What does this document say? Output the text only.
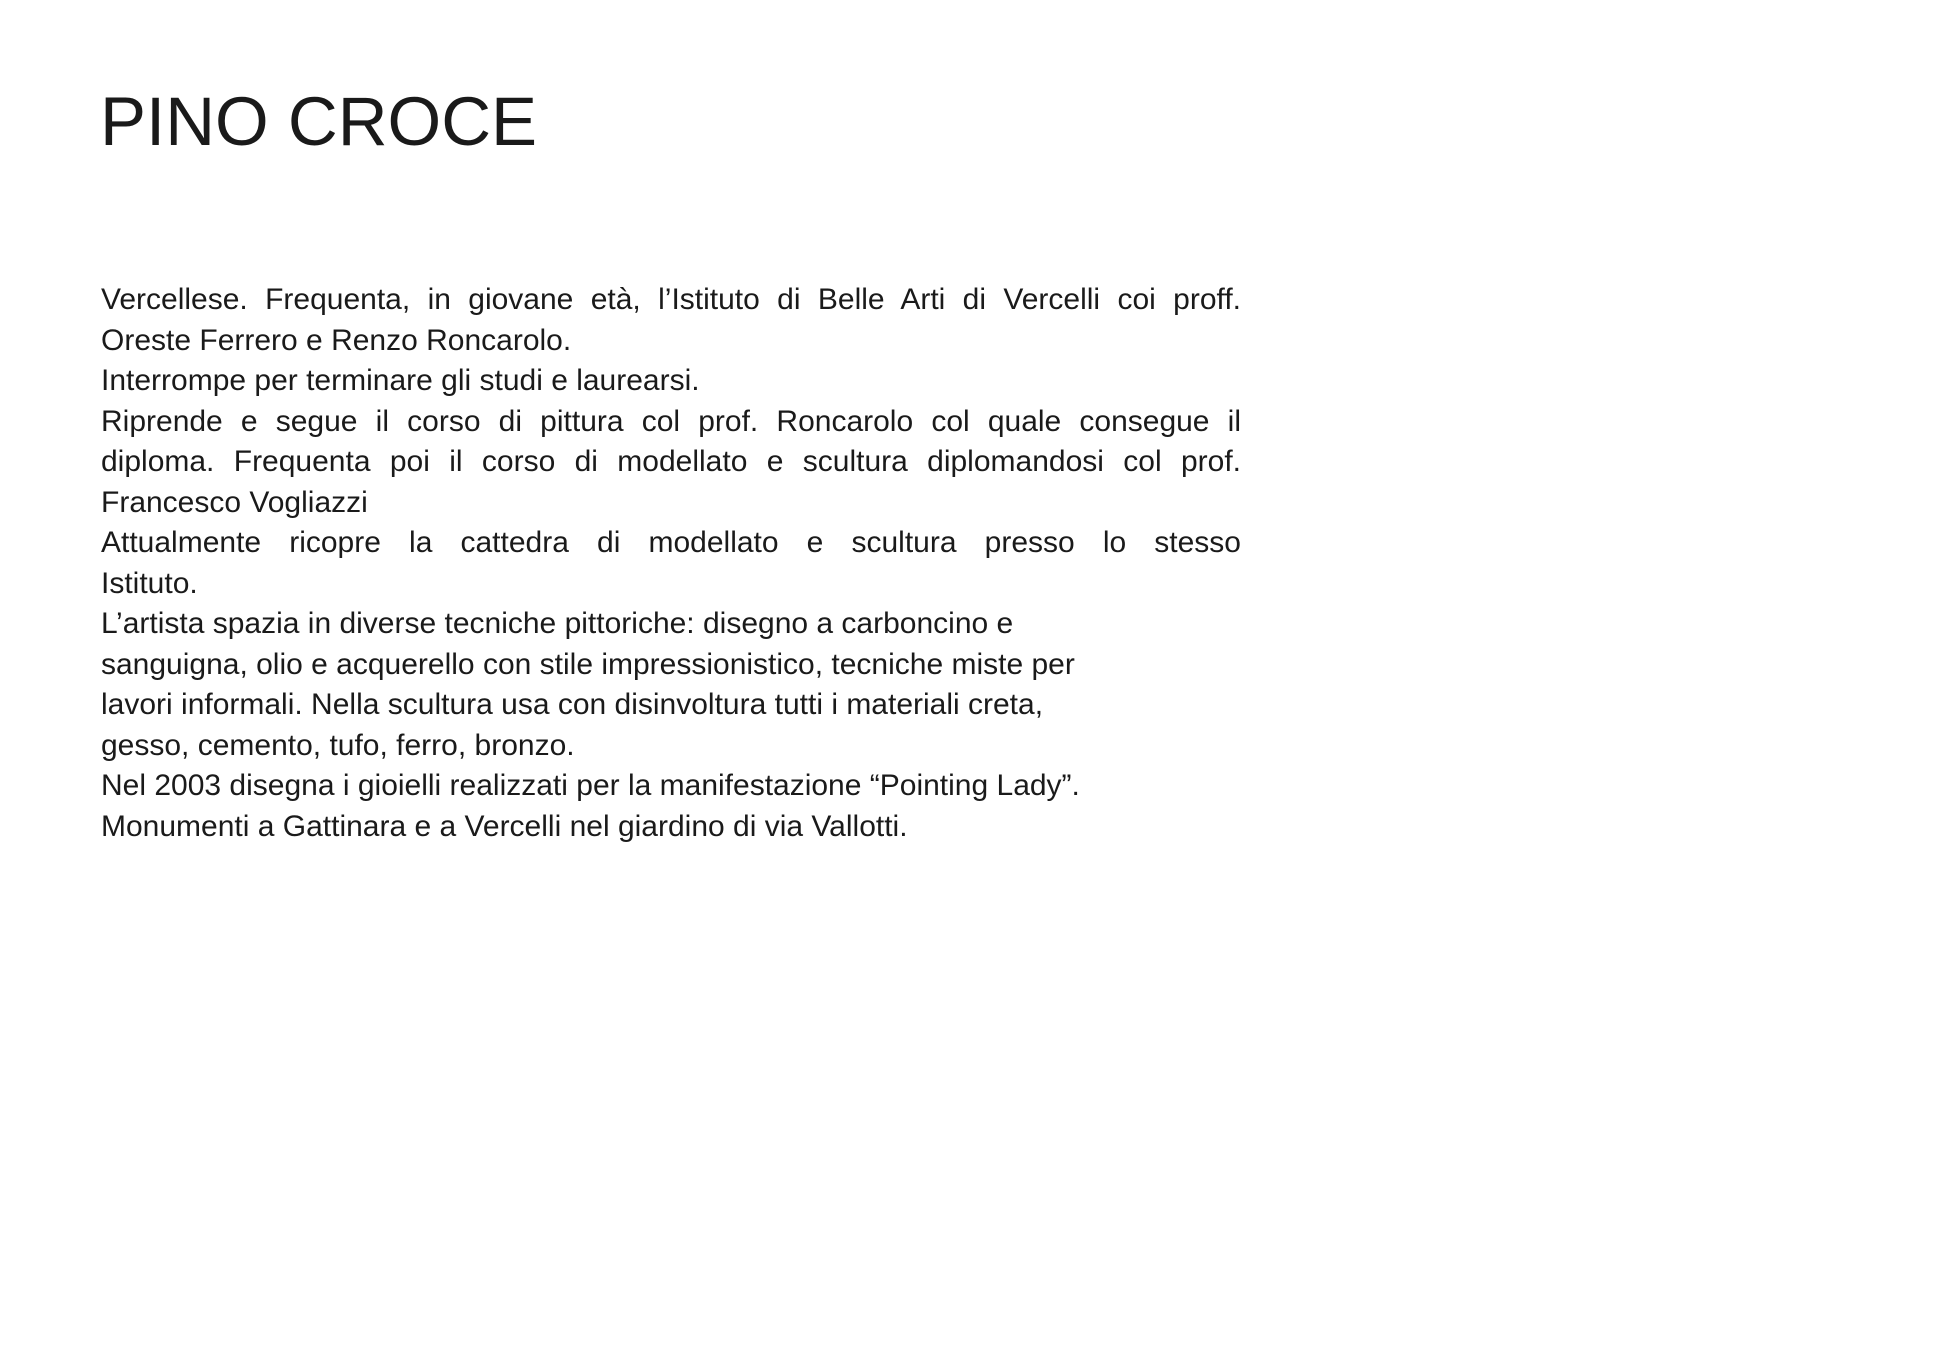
PINO CROCE
Vercellese. Frequenta, in giovane età, l’Istituto di Belle Arti di Vercelli coi proff.
Oreste Ferrero e Renzo Roncarolo.
Interrompe per terminare gli studi e laurearsi.
Riprende e segue il corso di pittura col prof. Roncarolo col quale consegue il
diploma. Frequenta poi il corso di modellato e scultura diplomandosi col prof.
Francesco Vogliazzi
Attualmente ricopre la cattedra di modellato e scultura presso lo stesso
Istituto.
L’artista spazia in diverse tecniche pittoriche: disegno a carboncino e
sanguigna, olio e acquerello con stile impressionistico, tecniche miste per
lavori informali. Nella scultura usa con disinvoltura tutti i materiali creta,
gesso, cemento, tufo, ferro, bronzo.
Nel 2003 disegna i gioielli realizzati per la manifestazione “Pointing Lady”.
Monumenti a Gattinara e a Vercelli nel giardino di via Vallotti.
